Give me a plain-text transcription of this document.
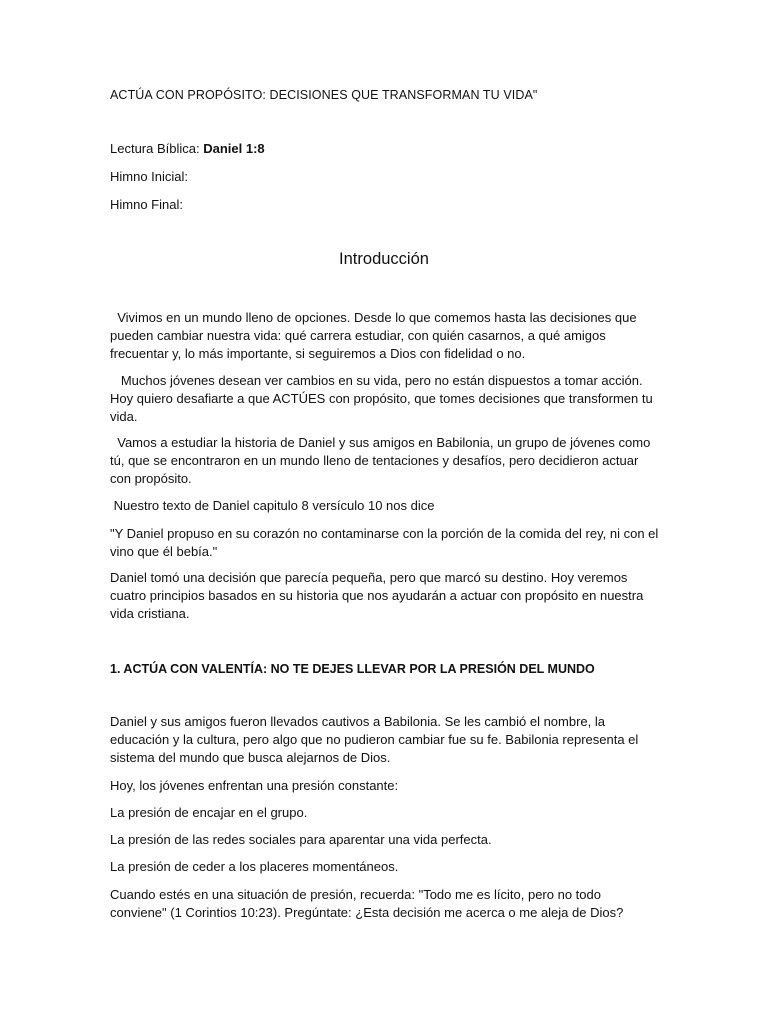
ACTÚA CON PROPÓSITO: DECISIONES QUE TRANSFORMAN TU VIDA"

Lectura Bíblica: Daniel 1:8

Himno Inicial:

Himno Final:

Introducción

Vivimos en un mundo lleno de opciones. Desde lo que comemos hasta las decisiones que pueden cambiar nuestra vida: qué carrera estudiar, con quién casarnos, a qué amigos frecuentar y, lo más importante, si seguiremos a Dios con fidelidad o no.

Muchos jóvenes desean ver cambios en su vida, pero no están dispuestos a tomar acción. Hoy quiero desafiarte a que ACTÚES con propósito, que tomes decisiones que transformen tu vida.

Vamos a estudiar la historia de Daniel y sus amigos en Babilonia, un grupo de jóvenes como tú, que se encontraron en un mundo lleno de tentaciones y desafíos, pero decidieron actuar con propósito.

Nuestro texto de Daniel capitulo 8 versículo 10 nos dice

"Y Daniel propuso en su corazón no contaminarse con la porción de la comida del rey, ni con el vino que él bebía."

Daniel tomó una decisión que parecía pequeña, pero que marcó su destino. Hoy veremos cuatro principios basados en su historia que nos ayudarán a actuar con propósito en nuestra vida cristiana.

1. ACTÚA CON VALENTÍA: NO TE DEJES LLEVAR POR LA PRESIÓN DEL MUNDO

Daniel y sus amigos fueron llevados cautivos a Babilonia. Se les cambió el nombre, la educación y la cultura, pero algo que no pudieron cambiar fue su fe. Babilonia representa el sistema del mundo que busca alejarnos de Dios.

Hoy, los jóvenes enfrentan una presión constante:

La presión de encajar en el grupo.

La presión de las redes sociales para aparentar una vida perfecta.

La presión de ceder a los placeres momentáneos.

Cuando estés en una situación de presión, recuerda: "Todo me es lícito, pero no todo conviene" (1 Corintios 10:23). Pregúntate: ¿Esta decisión me acerca o me aleja de Dios?
